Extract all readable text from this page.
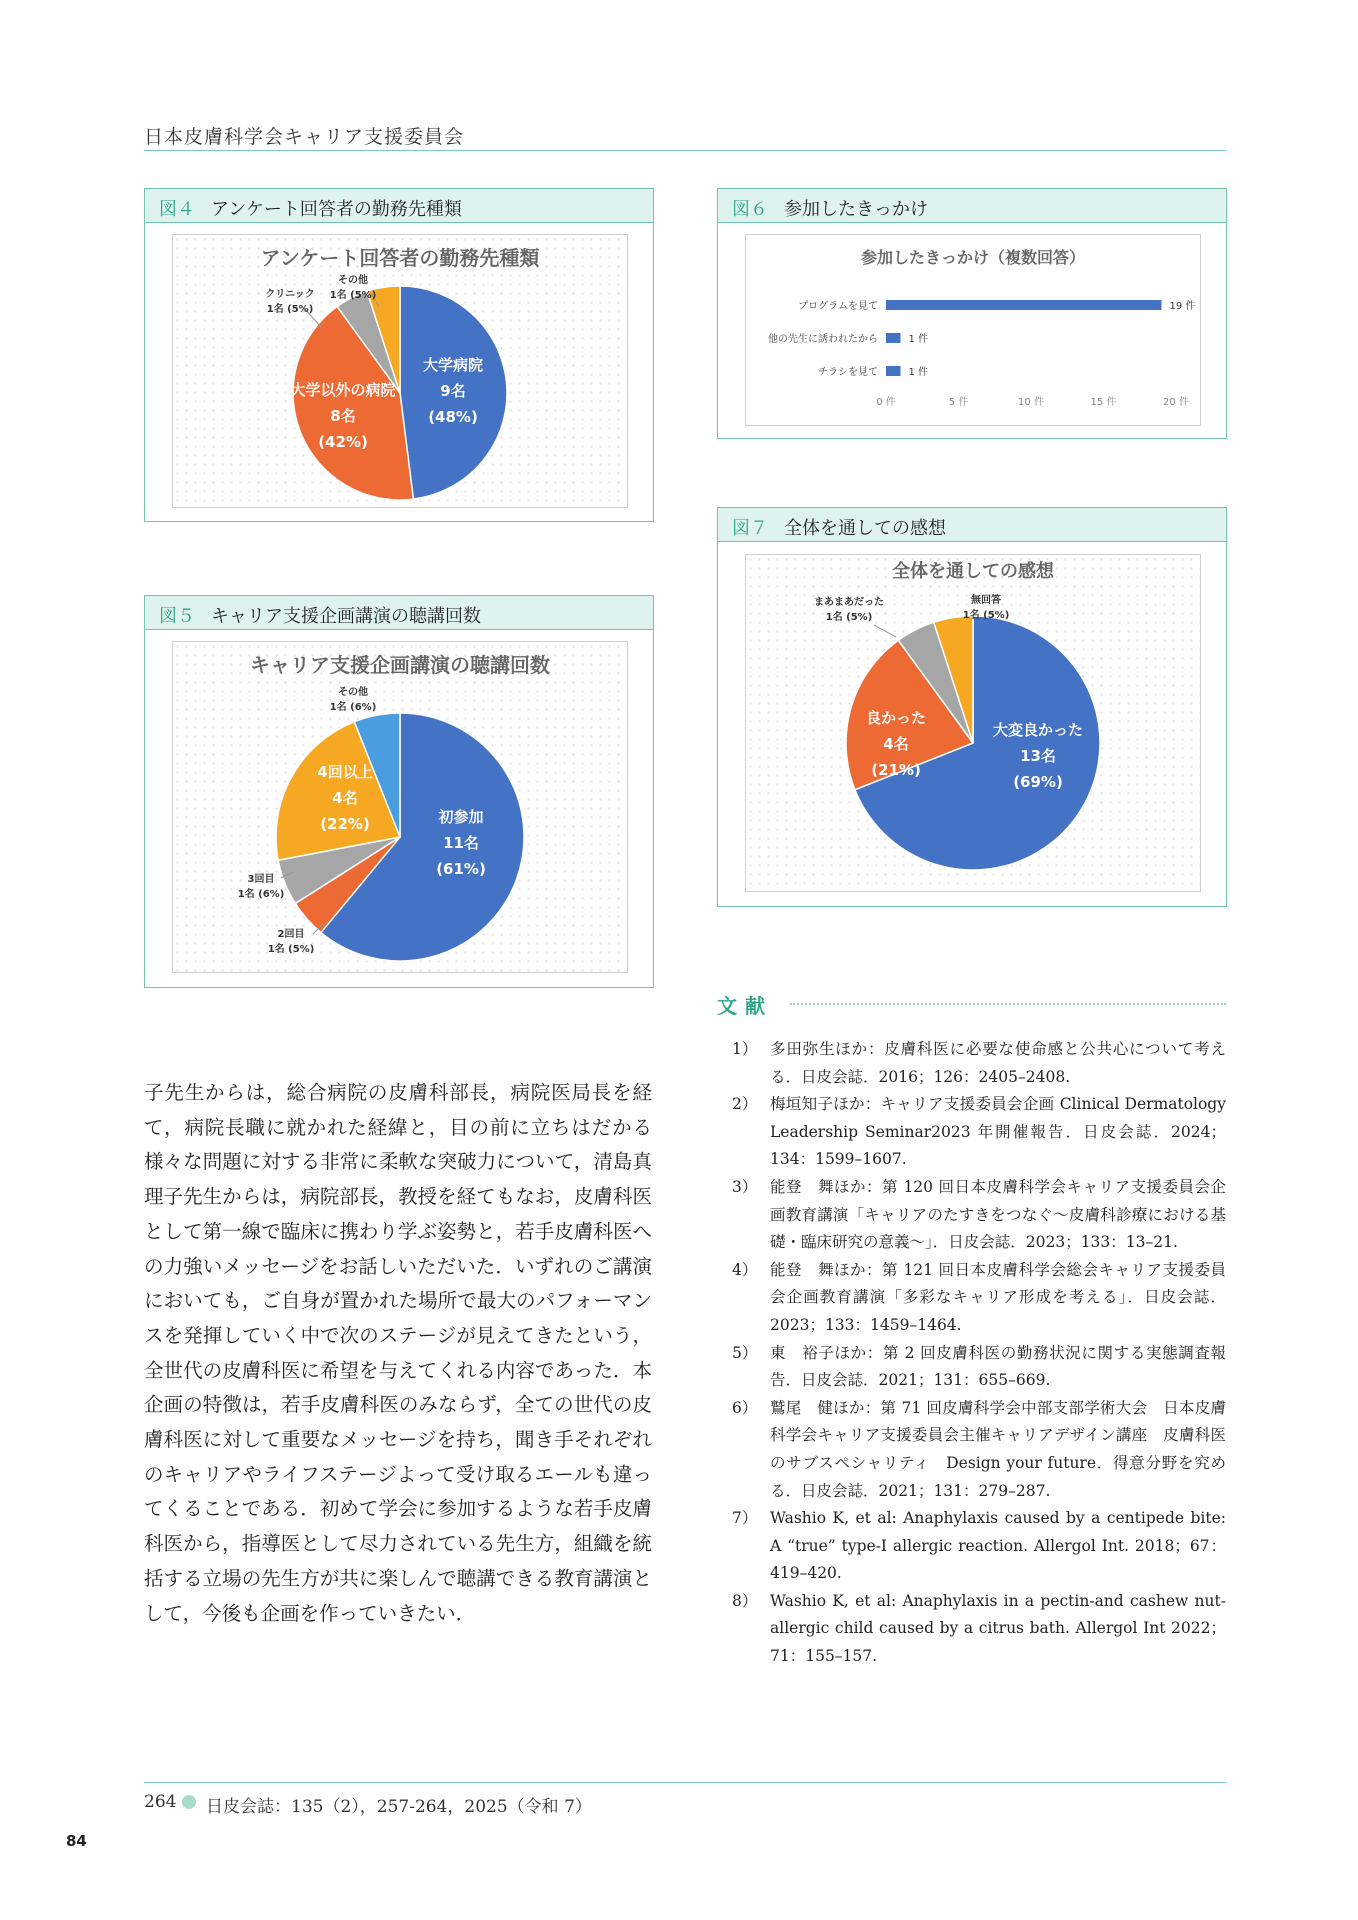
日本皮膚科学会キャリア支援委員会
図４ アンケート回答者の勤務先種類
アンケート回答者の勤務先種類
大学病院
9名
(48%)
大学以外の病院
8名
(42%)
クリニック
1名 (5%)
その他
1名 (5%)
図５ キャリア支援企画講演の聴講回数
キャリア支援企画講演の聴講回数
初参加
11名
(61%)
2回目
1名 (5%)
3回目
1名 (6%)
4回以上
4名
(22%)
その他
1名 (6%)
図６ 参加したきっかけ
参加したきっかけ（複数回答）
プログラムを見て	19 件
他の先生に誘われたから	1 件
チラシを見て	1 件
0 件	5 件	10 件	15 件	20 件
図７ 全体を通しての感想
全体を通しての感想
大変良かった
13名
(69%)
良かった
4名
(21%)
まあまあだった
1名 (5%)
無回答
1名 (5%)
子先生からは，総合病院の皮膚科部長，病院医局長を経て，病院長職に就かれた経緯と，目の前に立ちはだかる様々な問題に対する非常に柔軟な突破力について，清島真理子先生からは，病院部長，教授を経てもなお，皮膚科医として第一線で臨床に携わり学ぶ姿勢と，若手皮膚科医への力強いメッセージをお話しいただいた．いずれのご講演においても，ご自身が置かれた場所で最大のパフォーマンスを発揮していく中で次のステージが見えてきたという，全世代の皮膚科医に希望を与えてくれる内容であった．本企画の特徴は，若手皮膚科医のみならず，全ての世代の皮膚科医に対して重要なメッセージを持ち，聞き手それぞれのキャリアやライフステージよって受け取るエールも違ってくることである．初めて学会に参加するような若手皮膚科医から，指導医として尽力されている先生方，組織を統括する立場の先生方が共に楽しんで聴講できる教育講演として，今後も企画を作っていきたい．
文献
1） 多田弥生ほか：皮膚科医に必要な使命感と公共心について考える．日皮会誌．2016；126：2405–2408.
2） 梅垣知子ほか：キャリア支援委員会企画 Clinical Dermatology Leadership Seminar2023 年開催報告．日皮会誌．2024；134：1599–1607.
3） 能登　舞ほか：第 120 回日本皮膚科学会キャリア支援委員会企画教育講演「キャリアのたすきをつなぐ～皮膚科診療における基礎・臨床研究の意義～」．日皮会誌．2023；133：13–21.
4） 能登　舞ほか：第 121 回日本皮膚科学会総会キャリア支援委員会企画教育講演「多彩なキャリア形成を考える」．日皮会誌．2023；133：1459–1464.
5） 東　裕子ほか：第 2 回皮膚科医の勤務状況に関する実態調査報告．日皮会誌．2021；131：655–669.
6） 鷲尾　健ほか：第 71 回皮膚科学会中部支部学術大会　日本皮膚科学会キャリア支援委員会主催キャリアデザイン講座　皮膚科医のサブスペシャリティ　Design your future．得意分野を究める．日皮会誌．2021；131：279–287.
7） Washio K, et al: Anaphylaxis caused by a centipede bite: A “true” type-I allergic reaction. Allergol Int. 2018；67：419–420.
8） Washio K, et al: Anaphylaxis in a pectin-and cashew nut-allergic child caused by a citrus bath. Allergol Int 2022；71：155–157.
264 日皮会誌：135（2），257-264，2025（令和 7）
84
